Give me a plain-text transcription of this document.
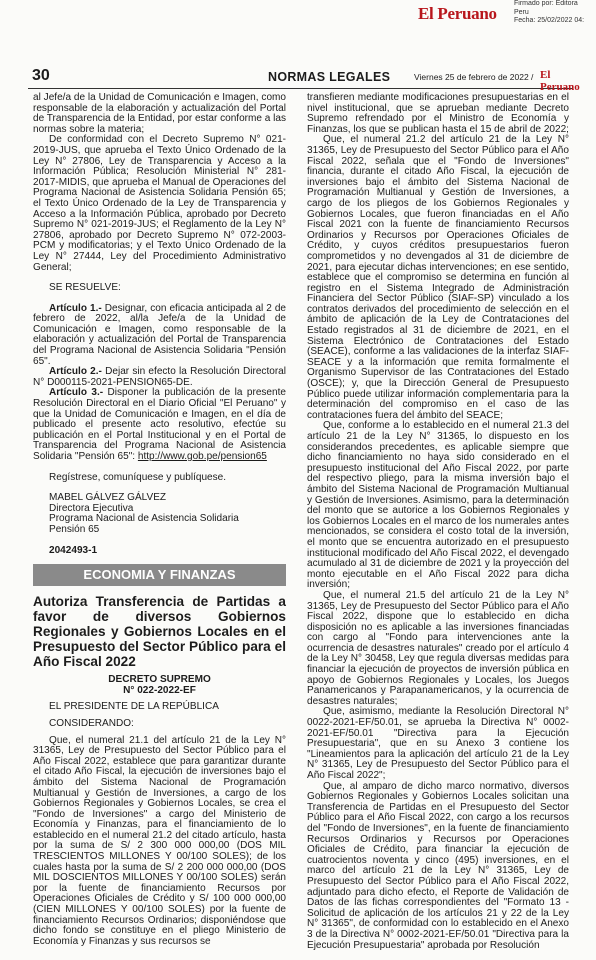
El Peruano
Firmado por: Editora
Peru
Fecha: 25/02/2022 04:
30	NORMAS LEGALES	Viernes 25 de febrero de 2022 / El Peruano

al Jefe/a de la Unidad de Comunicación e Imagen, como responsable de la elaboración y actualización del Portal de Transparencia de la Entidad, por estar conforme a las normas sobre la materia;

De conformidad con el Decreto Supremo N° 021-2019-JUS, que aprueba el Texto Único Ordenado de la Ley N° 27806, Ley de Transparencia y Acceso a la Información Pública; Resolución Ministerial N° 281-2017-MIDIS, que aprueba el Manual de Operaciones del Programa Nacional de Asistencia Solidaria Pensión 65; el Texto Único Ordenado de la Ley de Transparencia y Acceso a la Información Pública, aprobado por Decreto Supremo N° 021-2019-JUS; el Reglamento de la Ley N° 27806, aprobado por Decreto Supremo N° 072-2003-PCM y modificatorias; y el Texto Único Ordenado de la Ley N° 27444, Ley del Procedimiento Administrativo General;

SE RESUELVE:

Artículo 1.- Designar, con eficacia anticipada al 2 de febrero de 2022, al/la Jefe/a de la Unidad de Comunicación e Imagen, como responsable de la elaboración y actualización del Portal de Transparencia del Programa Nacional de Asistencia Solidaria "Pensión 65".

Artículo 2.- Dejar sin efecto la Resolución Directoral N° D000115-2021-PENSION65-DE.

Artículo 3.- Disponer la publicación de la presente Resolución Directoral en el Diario Oficial "El Peruano" y que la Unidad de Comunicación e Imagen, en el día de publicado el presente acto resolutivo, efectúe su publicación en el Portal Institucional y en el Portal de Transparencia del Programa Nacional de Asistencia Solidaria "Pensión 65": http://www.gob.pe/pension65

Regístrese, comuníquese y publíquese.

MABEL GÁLVEZ GÁLVEZ

Directora Ejecutiva

Programa Nacional de Asistencia Solidaria

Pensión 65

2042493-1

ECONOMIA Y FINANZAS

Autoriza Transferencia de Partidas a favor de diversos Gobiernos Regionales y Gobiernos Locales en el Presupuesto del Sector Público para el Año Fiscal 2022

DECRETO SUPREMO

N° 022-2022-EF

EL PRESIDENTE DE LA REPÚBLICA

CONSIDERANDO:

Que, el numeral 21.1 del artículo 21 de la Ley N° 31365, Ley de Presupuesto del Sector Público para el Año Fiscal 2022, establece que para garantizar durante el citado Año Fiscal, la ejecución de inversiones bajo el ámbito del Sistema Nacional de Programación Multianual y Gestión de Inversiones, a cargo de los Gobiernos Regionales y Gobiernos Locales, se crea el "Fondo de Inversiones" a cargo del Ministerio de Economía y Finanzas, para el financiamiento de lo establecido en el numeral 21.2 del citado artículo, hasta por la suma de S/ 2 300 000 000,00 (DOS MIL TRESCIENTOS MILLONES Y 00/100 SOLES); de los cuales hasta por la suma de S/ 2 200 000 000,00 (DOS MIL DOSCIENTOS MILLONES Y 00/100 SOLES) serán por la fuente de financiamiento Recursos por Operaciones Oficiales de Crédito y S/ 100 000 000,00 (CIEN MILLONES Y 00/100 SOLES) por la fuente de financiamiento Recursos Ordinarios; disponiéndose que dicho fondo se constituye en el pliego Ministerio de Economía y Finanzas y sus recursos se

transfieren mediante modificaciones presupuestarias en el nivel institucional, que se aprueban mediante Decreto Supremo refrendado por el Ministro de Economía y Finanzas, los que se publican hasta el 15 de abril de 2022;

Que, el numeral 21.2 del artículo 21 de la Ley N° 31365, Ley de Presupuesto del Sector Público para el Año Fiscal 2022, señala que el "Fondo de Inversiones" financia, durante el citado Año Fiscal, la ejecución de inversiones bajo el ámbito del Sistema Nacional de Programación Multianual y Gestión de Inversiones, a cargo de los pliegos de los Gobiernos Regionales y Gobiernos Locales, que fueron financiadas en el Año Fiscal 2021 con la fuente de financiamiento Recursos Ordinarios y Recursos por Operaciones Oficiales de Crédito, y cuyos créditos presupuestarios fueron comprometidos y no devengados al 31 de diciembre de 2021, para ejecutar dichas intervenciones; en ese sentido, establece que el compromiso se determina en función al registro en el Sistema Integrado de Administración Financiera del Sector Público (SIAF-SP) vinculado a los contratos derivados del procedimiento de selección en el ámbito de aplicación de la Ley de Contrataciones del Estado registrados al 31 de diciembre de 2021, en el Sistema Electrónico de Contrataciones del Estado (SEACE), conforme a las validaciones de la interfaz SIAF-SEACE y a la información que remita formalmente el Organismo Supervisor de las Contrataciones del Estado (OSCE); y, que la Dirección General de Presupuesto Público puede utilizar información complementaria para la determinación del compromiso en el caso de las contrataciones fuera del ámbito del SEACE;

Que, conforme a lo establecido en el numeral 21.3 del artículo 21 de la Ley N° 31365, lo dispuesto en los considerandos precedentes, es aplicable siempre que dicho financiamiento no haya sido considerado en el presupuesto institucional del Año Fiscal 2022, por parte del respectivo pliego, para la misma inversión bajo el ámbito del Sistema Nacional de Programación Multianual y Gestión de Inversiones. Asimismo, para la determinación del monto que se autorice a los Gobiernos Regionales y los Gobiernos Locales en el marco de los numerales antes mencionados, se considera el costo total de la inversión, el monto que se encuentra autorizado en el presupuesto institucional modificado del Año Fiscal 2022, el devengado acumulado al 31 de diciembre de 2021 y la proyección del monto ejecutable en el Año Fiscal 2022 para dicha inversión;

Que, el numeral 21.5 del artículo 21 de la Ley N° 31365, Ley de Presupuesto del Sector Público para el Año Fiscal 2022, dispone que lo establecido en dicha disposición no es aplicable a las inversiones financiadas con cargo al "Fondo para intervenciones ante la ocurrencia de desastres naturales" creado por el artículo 4 de la Ley N° 30458, Ley que regula diversas medidas para financiar la ejecución de proyectos de inversión pública en apoyo de Gobiernos Regionales y Locales, los Juegos Panamericanos y Parapanamericanos, y la ocurrencia de desastres naturales;

Que, asimismo, mediante la Resolución Directoral N° 0022-2021-EF/50.01, se aprueba la Directiva N° 0002-2021-EF/50.01 "Directiva para la Ejecución Presupuestaria", que en su Anexo 3 contiene los "Lineamientos para la aplicación del artículo 21 de la Ley N° 31365, Ley de Presupuesto del Sector Público para el Año Fiscal 2022";

Que, al amparo de dicho marco normativo, diversos Gobiernos Regionales y Gobiernos Locales solicitan una Transferencia de Partidas en el Presupuesto del Sector Público para el Año Fiscal 2022, con cargo a los recursos del "Fondo de Inversiones", en la fuente de financiamiento Recursos Ordinarios y Recursos por Operaciones Oficiales de Crédito, para financiar la ejecución de cuatrocientos noventa y cinco (495) inversiones, en el marco del artículo 21 de la Ley N° 31365, Ley de Presupuesto del Sector Público para el Año Fiscal 2022, adjuntado para dicho efecto, el Reporte de Validación de Datos de las fichas correspondientes del "Formato 13 - Solicitud de aplicación de los artículos 21 y 22 de la Ley N° 31365", de conformidad con lo establecido en el Anexo 3 de la Directiva N° 0002-2021-EF/50.01 "Directiva para la Ejecución Presupuestaria" aprobada por Resolución
